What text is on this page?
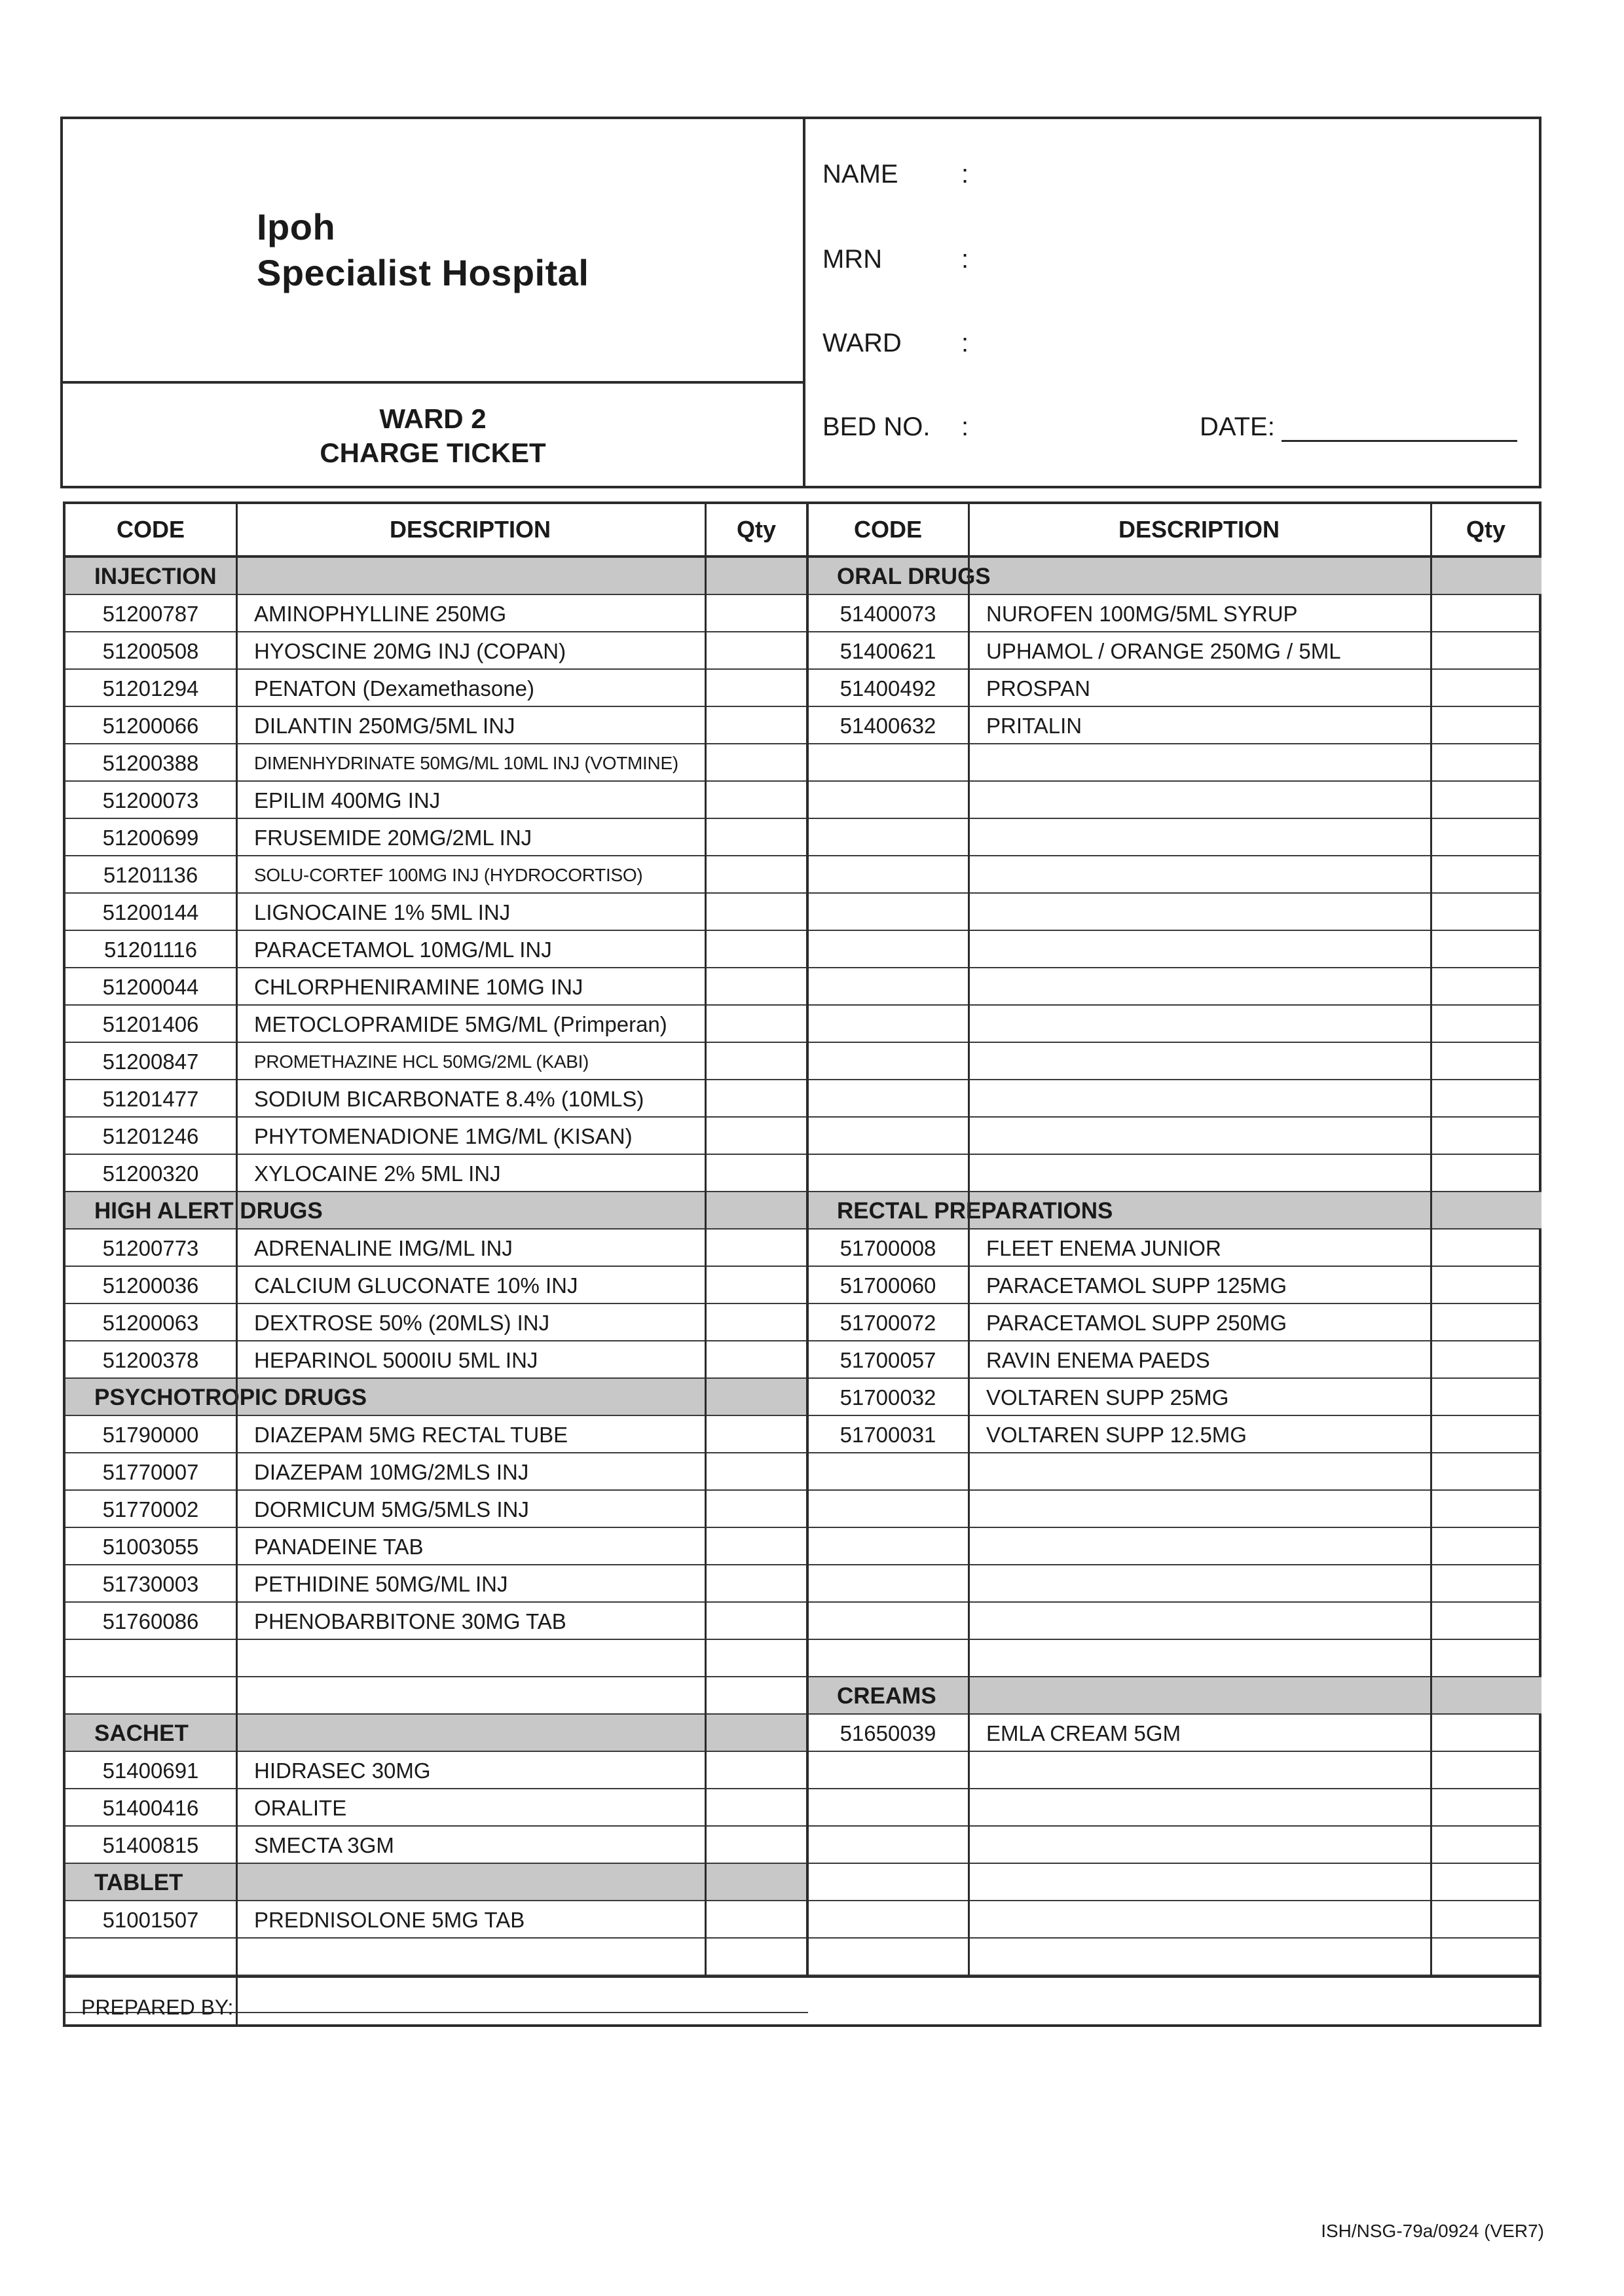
Ipoh
Specialist Hospital
WARD 2
CHARGE TICKET
NAME :
MRN	:
WARD :
BED NO. :	DATE:
CODE	DESCRIPTION	Qty
INJECTION
51200787	AMINOPHYLLINE 250MG
51200508	HYOSCINE 20MG INJ (COPAN)
51201294	PENATON (Dexamethasone)
51200066	DILANTIN 250MG/5ML INJ
51200388	DIMENHYDRINATE 50MG/ML 10ML INJ (VOTMINE)
51200073	EPILIM 400MG INJ
51200699	FRUSEMIDE 20MG/2ML INJ
51201136	SOLU-CORTEF 100MG INJ (HYDROCORTISO)
51200144	LIGNOCAINE 1% 5ML INJ
51201116	PARACETAMOL 10MG/ML INJ
51200044	CHLORPHENIRAMINE 10MG INJ
51201406	METOCLOPRAMIDE 5MG/ML (Primperan)
51200847	PROMETHAZINE HCL 50MG/2ML (KABI)
51201477	SODIUM BICARBONATE 8.4% (10MLS)
51201246	PHYTOMENADIONE 1MG/ML (KISAN)
51200320	XYLOCAINE 2% 5ML INJ
HIGH ALERT DRUGS
51200773	ADRENALINE IMG/ML INJ
51200036	CALCIUM GLUCONATE 10% INJ
51200063	DEXTROSE 50% (20MLS) INJ
51200378	HEPARINOL 5000IU 5ML INJ
PSYCHOTROPIC DRUGS
51790000	DIAZEPAM 5MG RECTAL TUBE
51770007	DIAZEPAM 10MG/2MLS INJ
51770002	DORMICUM 5MG/5MLS INJ
51003055	PANADEINE TAB
51730003	PETHIDINE 50MG/ML INJ
51760086	PHENOBARBITONE 30MG TAB
SACHET
51400691	HIDRASEC 30MG
51400416	ORALITE
51400815	SMECTA 3GM
TABLET
51001507	PREDNISOLONE 5MG TAB
CODE	DESCRIPTION	Qty
ORAL DRUGS
51400073	NUROFEN 100MG/5ML SYRUP
51400621	UPHAMOL / ORANGE 250MG / 5ML
51400492	PROSPAN
51400632	PRITALIN
RECTAL PREPARATIONS
51700008	FLEET ENEMA JUNIOR
51700060	PARACETAMOL SUPP 125MG
51700072	PARACETAMOL SUPP 250MG
51700057	RAVIN ENEMA PAEDS
51700032	VOLTAREN SUPP 25MG
51700031	VOLTAREN SUPP 12.5MG
CREAMS
51650039	EMLA CREAM 5GM
PREPARED BY:
ISH/NSG-79a/0924 (VER7)
